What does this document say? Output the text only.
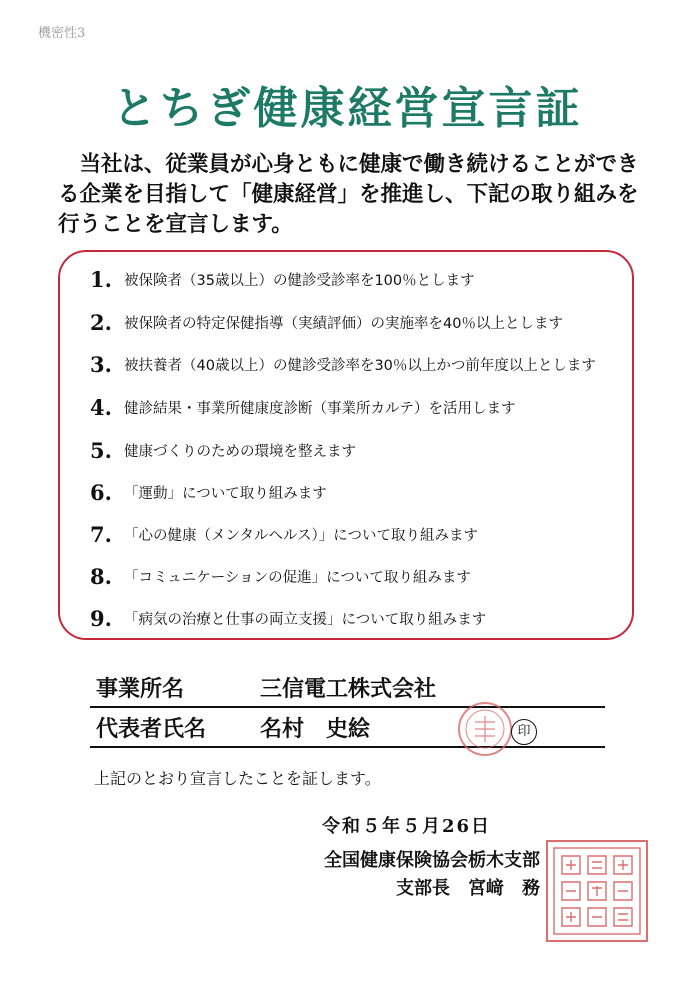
機密性3
とちぎ健康経営宣言証
当社は、従業員が心身ともに健康で働き続けることができる企業を目指して「健康経営」を推進し、下記の取り組みを行うことを宣言します。
1. 被保険者（35歳以上）の健診受診率を100％とします
2. 被保険者の特定保健指導（実績評価）の実施率を40％以上とします
3. 被扶養者（40歳以上）の健診受診率を30％以上かつ前年度以上とします
4. 健診結果・事業所健康度診断（事業所カルテ）を活用します
5. 健康づくりのための環境を整えます
6. 「運動」について取り組みます
7. 「心の健康（メンタルヘルス）」について取り組みます
8. 「コミュニケーションの促進」について取り組みます
9. 「病気の治療と仕事の両立支援」について取り組みます
事業所名	三信電工株式会社
代表者氏名 名村　史絵	印
上記のとおり宣言したことを証します。
令和５年５月26日
全国健康保険協会栃木支部
支部長　宮﨑　務
